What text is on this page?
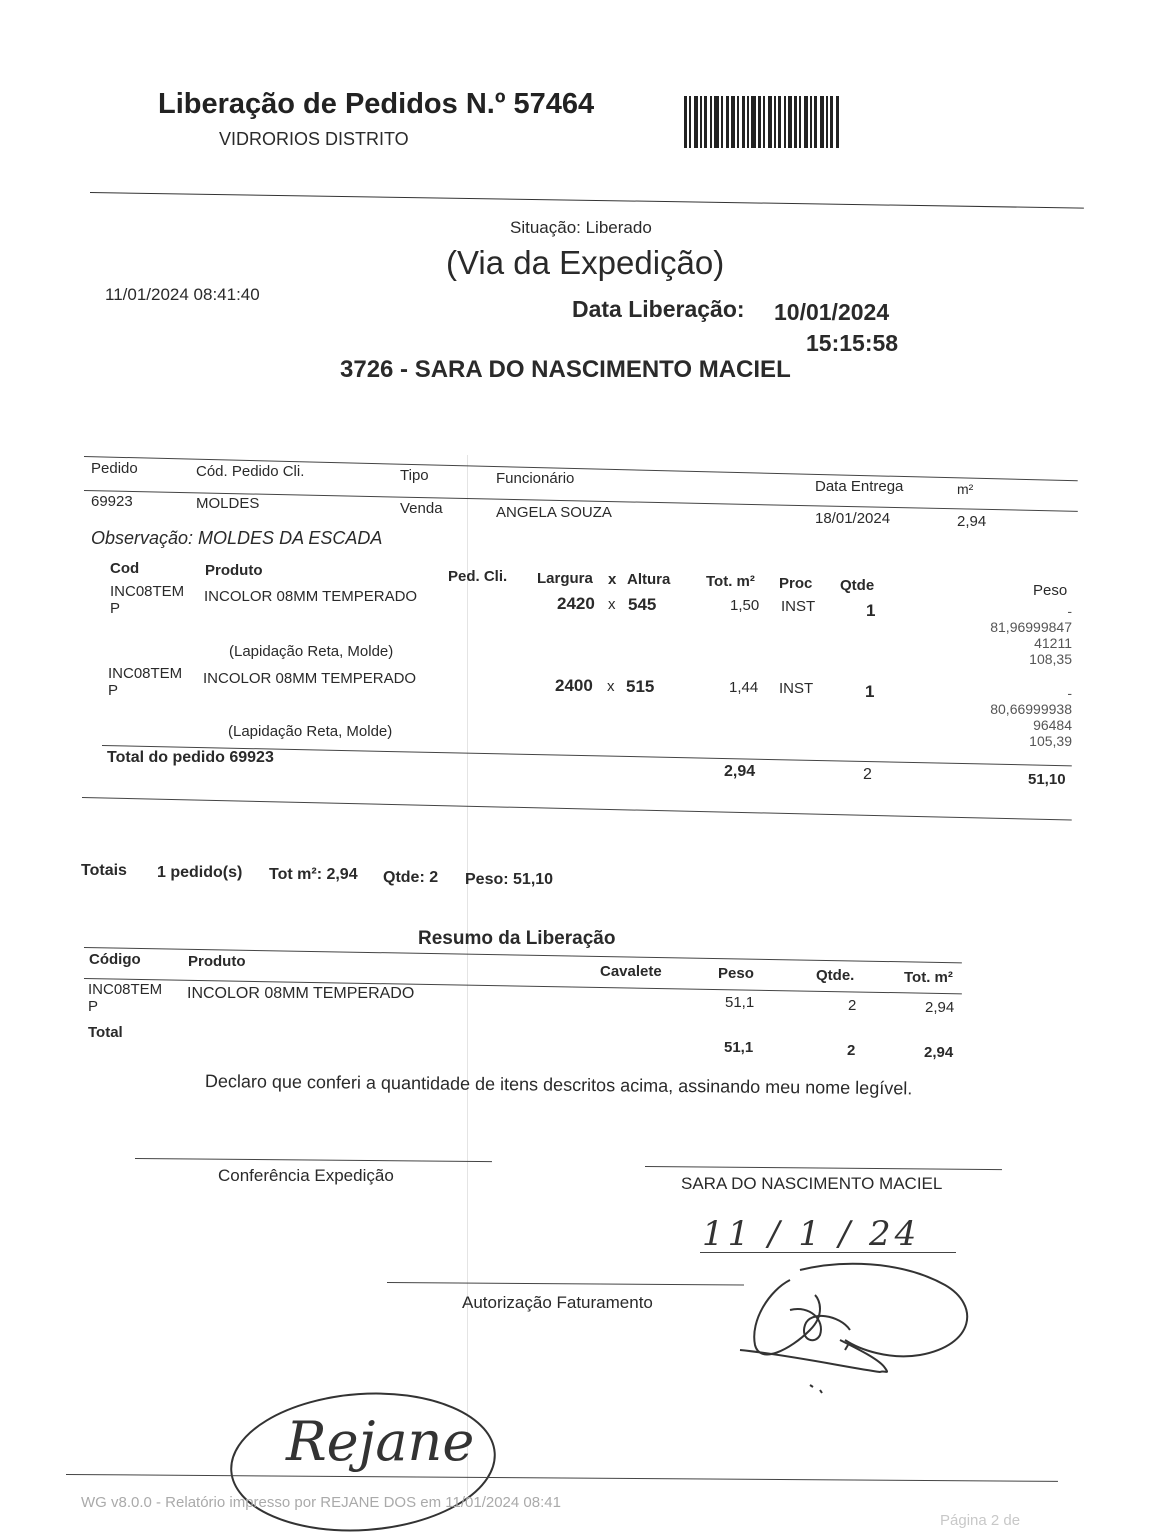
Liberação de Pedidos N.º 57464
VIDRORIOS DISTRITO
Situação: Liberado
(Via da Expedição)
11/01/2024 08:41:40
Data Liberação: 10/01/2024
15:15:58
3726 - SARA DO NASCIMENTO MACIEL
Pedido	Cód. Pedido Cli.	Tipo	Funcionário	Data Entrega	m²
69923	MOLDES	Venda	ANGELA SOUZA	18/01/2024	2,94
Observação: MOLDES DA ESCADA
Cod	Produto	Ped. Cli. Largura x Altura Tot. m² Proc Qtde	Peso
INC08TEM
P
INCOLOR 08MM TEMPERADO	2420 x 545	1,50 INST	1	-
81,96999847
41211
108,35
(Lapidação Reta, Molde)
INC08TEM
P
INCOLOR 08MM TEMPERADO	2400 x 515	1,44 INST	1	-
80,66999938
96484
105,39
(Lapidação Reta, Molde)
Total do pedido 69923
2,94	2	51,10
Totais 1 pedido(s) Tot m²: 2,94 Qtde: 2 Peso: 51,10
Resumo da Liberação
Código	Produto
Cavalete	Peso	Qtde.	Tot. m²
INC08TEM
P
INCOLOR 08MM TEMPERADO
51,1	2	2,94
Total
51,1	2	2,94
Declaro que conferi a quantidade de itens descritos acima, assinando meu nome legível.
Conferência Expedição	SARA DO NASCIMENTO MACIEL
11 / 1 / 24
Autorização Faturamento
Rejane
WG v8.0.0 - Relatório impresso por REJANE DOS em 11/01/2024 08:41
Página 2 de
